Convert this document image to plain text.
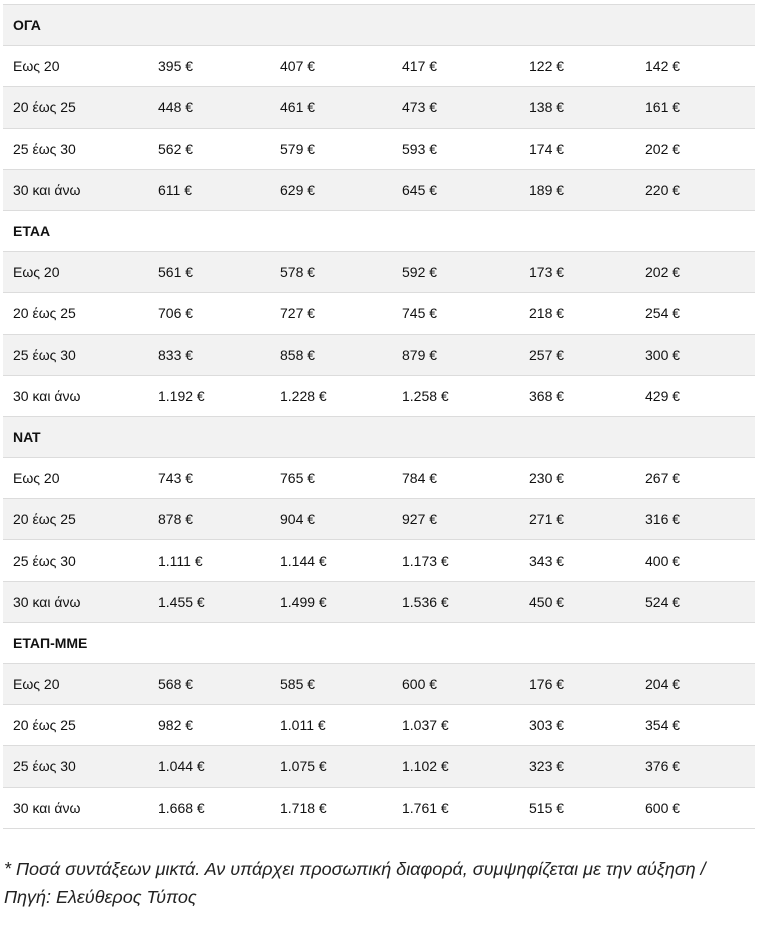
ΟΓΑ					
Εως 20	395 €	407 €	417 €	122 €	142 €
20 έως 25	448 €	461 €	473 €	138 €	161 €
25 έως 30	562 €	579 €	593 €	174 €	202 €
30 και άνω	611 €	629 €	645 €	189 €	220 €
ΕΤΑΑ					
Εως 20	561 €	578 €	592 €	173 €	202 €
20 έως 25	706 €	727 €	745 €	218 €	254 €
25 έως 30	833 €	858 €	879 €	257 €	300 €
30 και άνω	1.192 €	1.228 €	1.258 €	368 €	429 €
ΝΑΤ					
Εως 20	743 €	765 €	784 €	230 €	267 €
20 έως 25	878 €	904 €	927 €	271 €	316 €
25 έως 30	1.111 €	1.144 €	1.173 €	343 €	400 €
30 και άνω	1.455 €	1.499 €	1.536 €	450 €	524 €
ΕΤΑΠ-ΜΜΕ					
Εως 20	568 €	585 €	600 €	176 €	204 €
20 έως 25	982 €	1.011 €	1.037 €	303 €	354 €
25 έως 30	1.044 €	1.075 €	1.102 €	323 €	376 €
30 και άνω	1.668 €	1.718 €	1.761 €	515 €	600 €
* Ποσά συντάξεων μικτά. Αν υπάρχει προσωπική διαφορά, συμψηφίζεται με την αύξηση /
Πηγή: Ελεύθερος Τύπος
